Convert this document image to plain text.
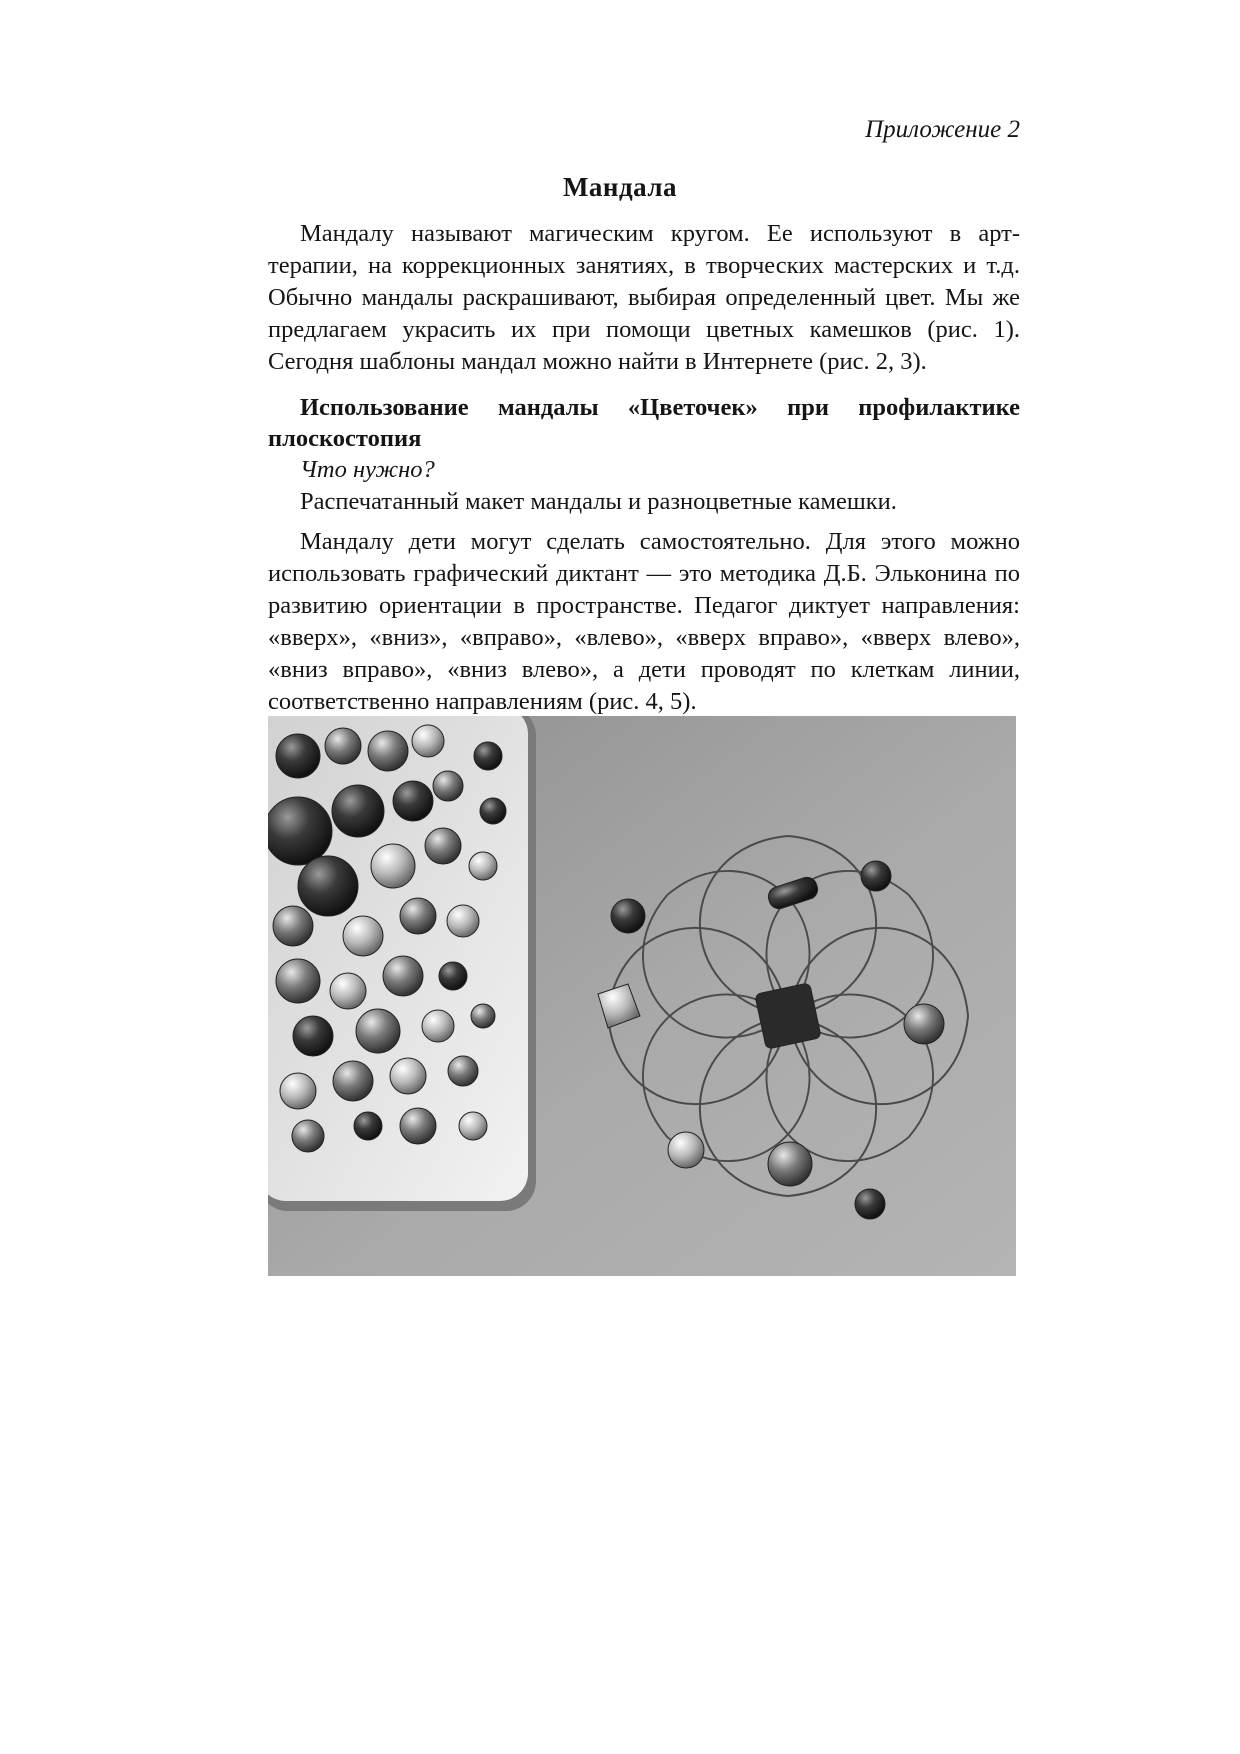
Приложение 2

Мандала

Мандалу называют магическим кругом. Ее используют в арт-терапии, на коррекционных занятиях, в творческих мастерских и т.д. Обычно мандалы раскрашивают, выбирая определенный цвет. Мы же предлагаем украсить их при помощи цветных камешков (рис. 1). Сегодня шаблоны мандал можно найти в Интернете (рис. 2, 3).

Использование мандалы «Цветочек» при профилактике плоскостопия

Что нужно?

Распечатанный макет мандалы и разноцветные камешки.

Мандалу дети могут сделать самостоятельно. Для этого можно использовать графический диктант — это методика Д.Б. Эльконина по развитию ориентации в пространстве. Педагог диктует направления: «вверх», «вниз», «вправо», «влево», «вверх вправо», «вверх влево», «вниз вправо», «вниз влево», а дети проводят по клеткам линии, соответственно направлениям (рис. 4, 5).
